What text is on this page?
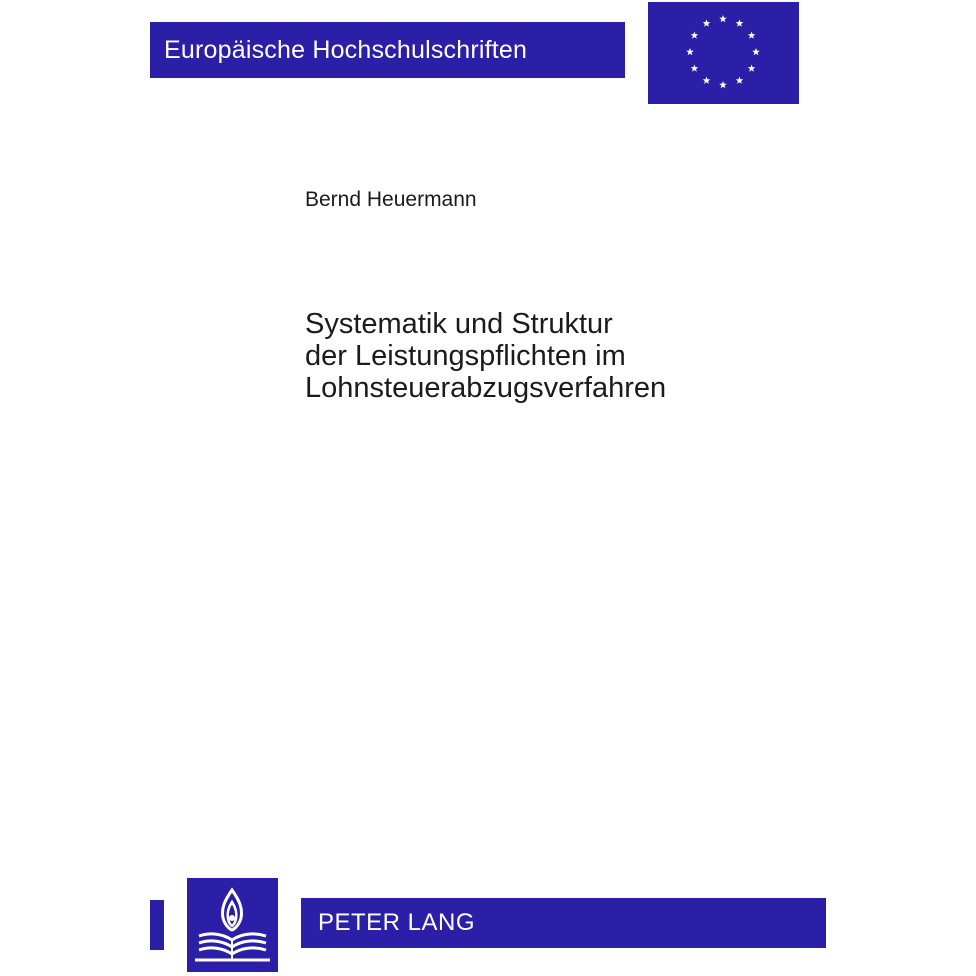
Europäische Hochschulschriften
Bernd Heuermann
Systematik und Struktur
der Leistungspflichten im
Lohnsteuerabzugsverfahren
PETER LANG
